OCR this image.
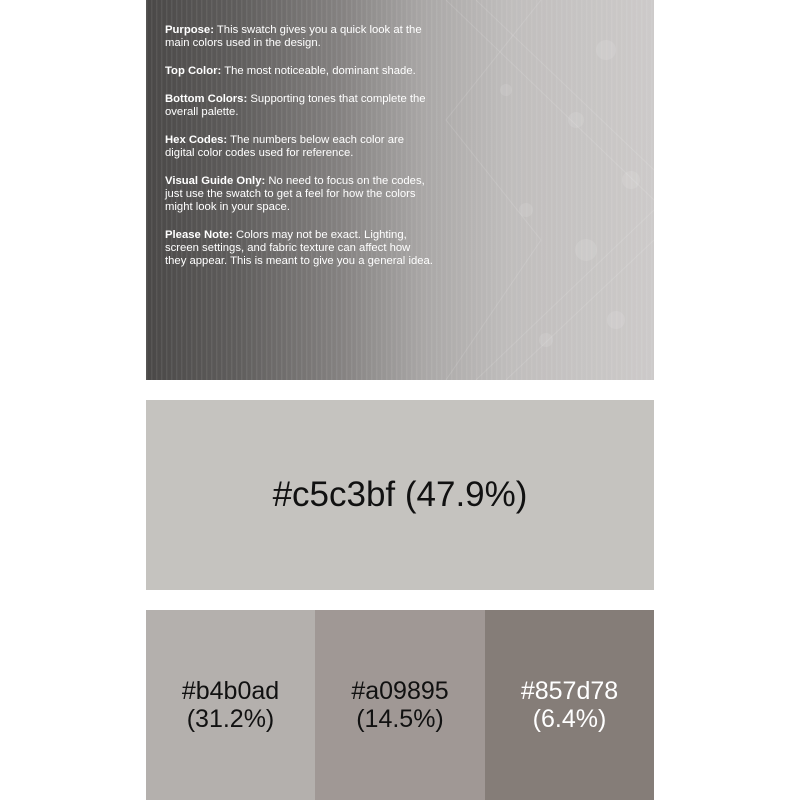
Purpose: This swatch gives you a quick look at the main colors used in the design.

Top Color: The most noticeable, dominant shade.

Bottom Colors: Supporting tones that complete the overall palette.

Hex Codes: The numbers below each color are digital color codes used for reference.

Visual Guide Only: No need to focus on the codes, just use the swatch to get a feel for how the colors might look in your space.

Please Note: Colors may not be exact. Lighting, screen settings, and fabric texture can affect how they appear. This is meant to give you a general idea.

#c5c3bf (47.9%)
#b4b0ad
(31.2%)
#a09895
(14.5%)
#857d78
(6.4%)
